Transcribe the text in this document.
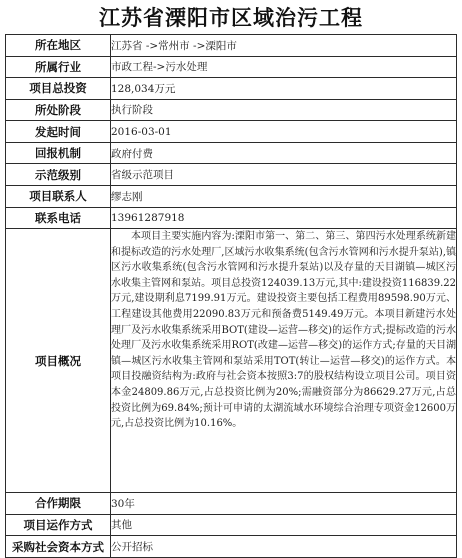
江苏省溧阳市区域治污工程
所在地区	江苏省 ->常州市 ->溧阳市
所属行业	市政工程->污水处理
项目总投资	128,034万元
所处阶段	执行阶段
发起时间	2016-03-01
回报机制	政府付费
示范级别	省级示范项目
项目联系人	缪志刚
联系电话	13961287918
项目概况	本项目主要实施内容为:溧阳市第一、第二、第三、第四污水处理系统新建和提标改造的污水处理厂,区域污水收集系统(包含污水管网和污水提升泵站),镇区污水收集系统(包含污水管网和污水提升泵站)以及存量的天目湖镇—城区污水收集主管网和泵站。项目总投资124039.13万元,其中:建设投资116839.22万元,建设期利息7199.91万元。建设投资主要包括工程费用89598.90万元、工程建设其他费用22090.83万元和预备费5149.49万元。本项目新建污水处理厂及污水收集系统采用BOT(建设—运营—移交)的运作方式;提标改造的污水处理厂及污水收集系统采用ROT(改建—运营—移交)的运作方式;存量的天目湖镇—城区污水收集主管网和泵站采用TOT(转让—运营—移交)的运作方式。本项目投融资结构为:政府与社会资本按照3:7的股权结构设立项目公司。项目资本金24809.86万元,占总投资比例为20%;需融资部分为86629.27万元,占总投资比例为69.84%;预计可申请的太湖流域水环境综合治理专项资金12600万元,占总投资比例为10.16%。
合作期限	30年
项目运作方式	其他
采购社会资本方式	公开招标
